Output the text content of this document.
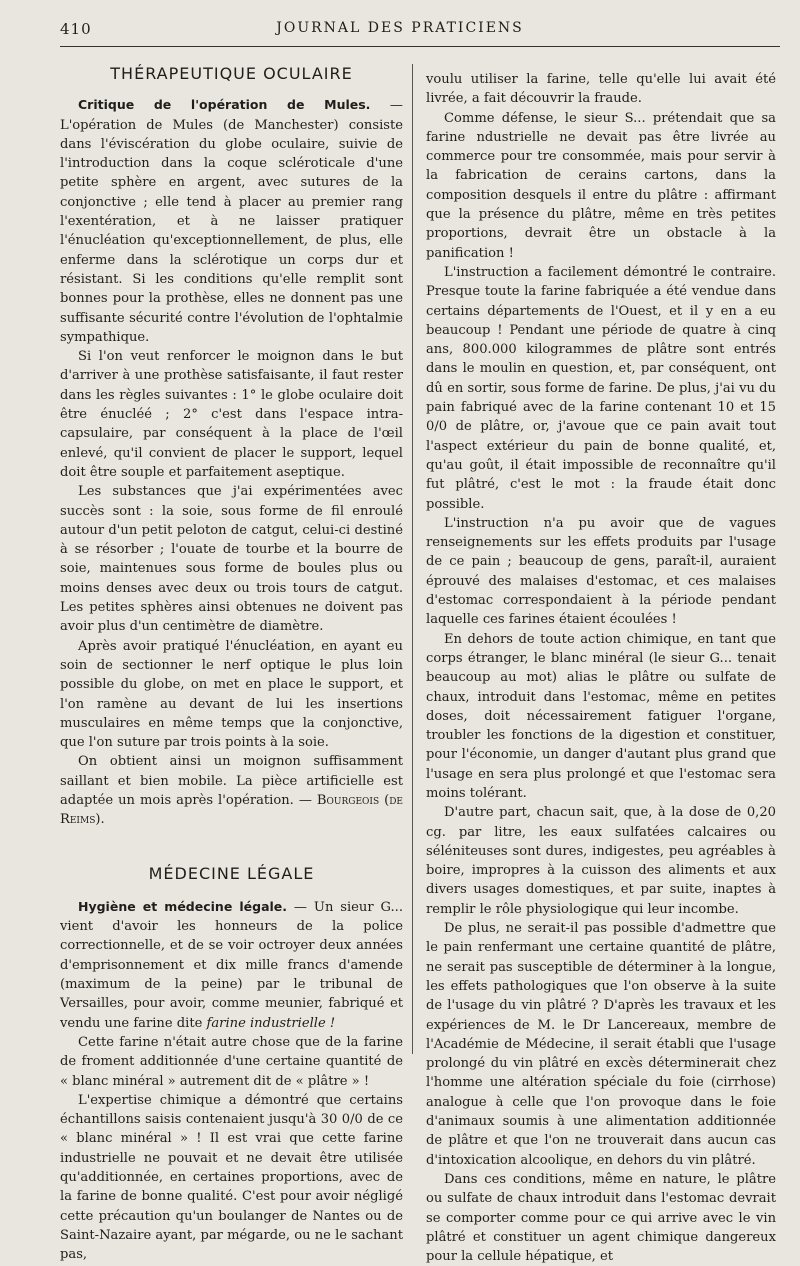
410	JOURNAL DES PRATICIENS
THÉRAPEUTIQUE OCULAIRE

Critique de l'opération de Mules. — L'opération de Mules (de Manchester) consiste dans l'éviscération du globe oculaire, suivie de l'introduction dans la coque scléroticale d'une petite sphère en argent, avec sutures de la conjonctive ; elle tend à placer au premier rang l'exentération, et à ne laisser pratiquer l'énucléation qu'exceptionnellement, de plus, elle enferme dans la sclérotique un corps dur et résistant. Si les conditions qu'elle remplit sont bonnes pour la prothèse, elles ne donnent pas une suffisante sécurité contre l'évolution de l'ophtalmie sympathique.

Si l'on veut renforcer le moignon dans le but d'arriver à une prothèse satisfaisante, il faut rester dans les règles suivantes : 1° le globe oculaire doit être énucléé ; 2° c'est dans l'espace intra-capsulaire, par conséquent à la place de l'œil enlevé, qu'il convient de placer le support, lequel doit être souple et parfaitement aseptique.

Les substances que j'ai expérimentées avec succès sont : la soie, sous forme de fil enroulé autour d'un petit peloton de catgut, celui-ci destiné à se résorber ; l'ouate de tourbe et la bourre de soie, maintenues sous forme de boules plus ou moins denses avec deux ou trois tours de catgut. Les petites sphères ainsi obtenues ne doivent pas avoir plus d'un centimètre de diamètre.

Après avoir pratiqué l'énucléation, en ayant eu soin de sectionner le nerf optique le plus loin possible du globe, on met en place le support, et l'on ramène au devant de lui les insertions musculaires en même temps que la conjonctive, que l'on suture par trois points à la soie.

On obtient ainsi un moignon suffisamment saillant et bien mobile. La pièce artificielle est adaptée un mois après l'opération. — Bourgeois (de Reims).

MÉDECINE LÉGALE

Hygiène et médecine légale. — Un sieur G... vient d'avoir les honneurs de la police correctionnelle, et de se voir octroyer deux années d'emprisonnement et dix mille francs d'amende (maximum de la peine) par le tribunal de Versailles, pour avoir, comme meunier, fabriqué et vendu une farine dite farine industrielle !

Cette farine n'était autre chose que de la farine de froment additionnée d'une certaine quantité de « blanc minéral » autrement dit de « plâtre » !

L'expertise chimique a démontré que certains échantillons saisis contenaient jusqu'à 30 0/0 de ce « blanc minéral » ! Il est vrai que cette farine industrielle ne pouvait et ne devait être utilisée qu'additionnée, en certaines proportions, avec de la farine de bonne qualité. C'est pour avoir négligé cette précaution qu'un boulanger de Nantes ou de Saint-Nazaire ayant, par mégarde, ou ne le sachant pas,

voulu utiliser la farine, telle qu'elle lui avait été livrée, a fait découvrir la fraude.

Comme défense, le sieur S... prétendait que sa farine ndustrielle ne devait pas être livrée au commerce pour tre consommée, mais pour servir à la fabrication de cerains cartons, dans la composition desquels il entre du plâtre : affirmant que la présence du plâtre, même en très petites proportions, devrait être un obstacle à la panification !

L'instruction a facilement démontré le contraire. Presque toute la farine fabriquée a été vendue dans certains départements de l'Ouest, et il y en a eu beaucoup ! Pendant une période de quatre à cinq ans, 800.000 kilogrammes de plâtre sont entrés dans le moulin en question, et, par conséquent, ont dû en sortir, sous forme de farine. De plus, j'ai vu du pain fabriqué avec de la farine contenant 10 et 15 0/0 de plâtre, or, j'avoue que ce pain avait tout l'aspect extérieur du pain de bonne qualité, et, qu'au goût, il était impossible de reconnaître qu'il fut plâtré, c'est le mot : la fraude était donc possible.

L'instruction n'a pu avoir que de vagues renseignements sur les effets produits par l'usage de ce pain ; beaucoup de gens, paraît-il, auraient éprouvé des malaises d'estomac, et ces malaises d'estomac correspondaient à la période pendant laquelle ces farines étaient écoulées !

En dehors de toute action chimique, en tant que corps étranger, le blanc minéral (le sieur G... tenait beaucoup au mot) alias le plâtre ou sulfate de chaux, introduit dans l'estomac, même en petites doses, doit nécessairement fatiguer l'organe, troubler les fonctions de la digestion et constituer, pour l'économie, un danger d'autant plus grand que l'usage en sera plus prolongé et que l'estomac sera moins tolérant.

D'autre part, chacun sait, que, à la dose de 0,20 cg. par litre, les eaux sulfatées calcaires ou séléniteuses sont dures, indigestes, peu agréables à boire, impropres à la cuisson des aliments et aux divers usages domestiques, et par suite, inaptes à remplir le rôle physiologique qui leur incombe.

De plus, ne serait-il pas possible d'admettre que le pain renfermant une certaine quantité de plâtre, ne serait pas susceptible de déterminer à la longue, les effets pathologiques que l'on observe à la suite de l'usage du vin plâtré ? D'après les travaux et les expériences de M. le Dr Lancereaux, membre de l'Académie de Médecine, il serait établi que l'usage prolongé du vin plâtré en excès déterminerait chez l'homme une altération spéciale du foie (cirrhose) analogue à celle que l'on provoque dans le foie d'animaux soumis à une alimentation additionnée de plâtre et que l'on ne trouverait dans aucun cas d'intoxication alcoolique, en dehors du vin plâtré.

Dans ces conditions, même en nature, le plâtre ou sulfate de chaux introduit dans l'estomac devrait se comporter comme pour ce qui arrive avec le vin plâtré et constituer un agent chimique dangereux pour la cellule hépatique, et
